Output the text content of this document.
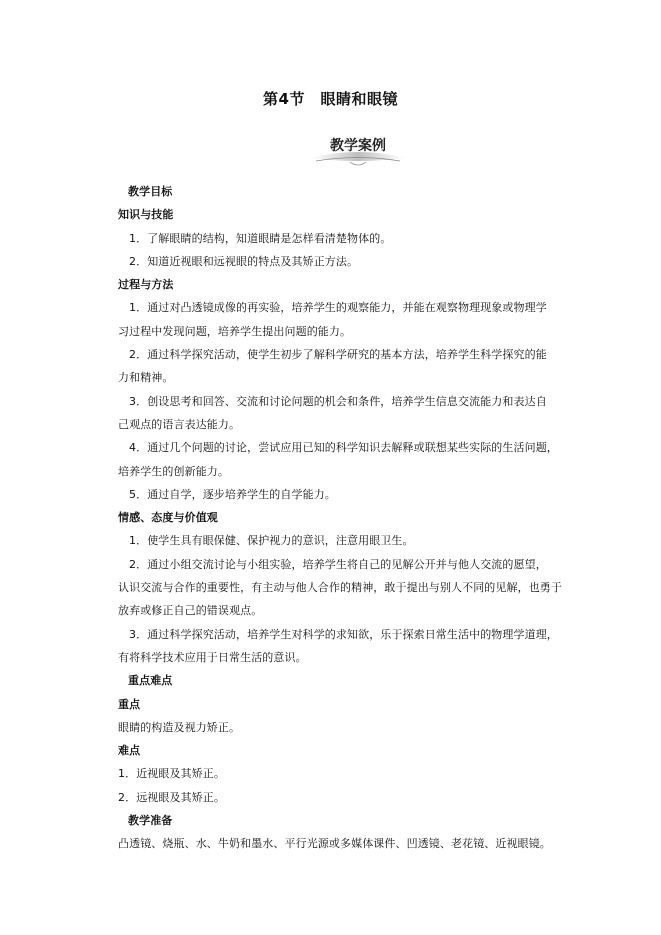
第4节　眼睛和眼镜
教学案例
教学目标
知识与技能
1．了解眼睛的结构，知道眼睛是怎样看清楚物体的。
2．知道近视眼和远视眼的特点及其矫正方法。
过程与方法
1．通过对凸透镜成像的再实验，培养学生的观察能力，并能在观察物理现象或物理学
习过程中发现问题，培养学生提出问题的能力。
2．通过科学探究活动，使学生初步了解科学研究的基本方法，培养学生科学探究的能
力和精神。
3．创设思考和回答、交流和讨论问题的机会和条件，培养学生信息交流能力和表达自
己观点的语言表达能力。
4．通过几个问题的讨论，尝试应用已知的科学知识去解释或联想某些实际的生活问题，
培养学生的创新能力。
5．通过自学，逐步培养学生的自学能力。
情感、态度与价值观
1．使学生具有眼保健、保护视力的意识，注意用眼卫生。
2．通过小组交流讨论与小组实验，培养学生将自己的见解公开并与他人交流的愿望，
认识交流与合作的重要性，有主动与他人合作的精神，敢于提出与别人不同的见解，也勇于
放弃或修正自己的错误观点。
3．通过科学探究活动，培养学生对科学的求知欲，乐于探索日常生活中的物理学道理，
有将科学技术应用于日常生活的意识。
重点难点
重点
眼睛的构造及视力矫正。
难点
1．近视眼及其矫正。
2．远视眼及其矫正。
教学准备
凸透镜、烧瓶、水、牛奶和墨水、平行光源或多媒体课件、凹透镜、老花镜、近视眼镜。
